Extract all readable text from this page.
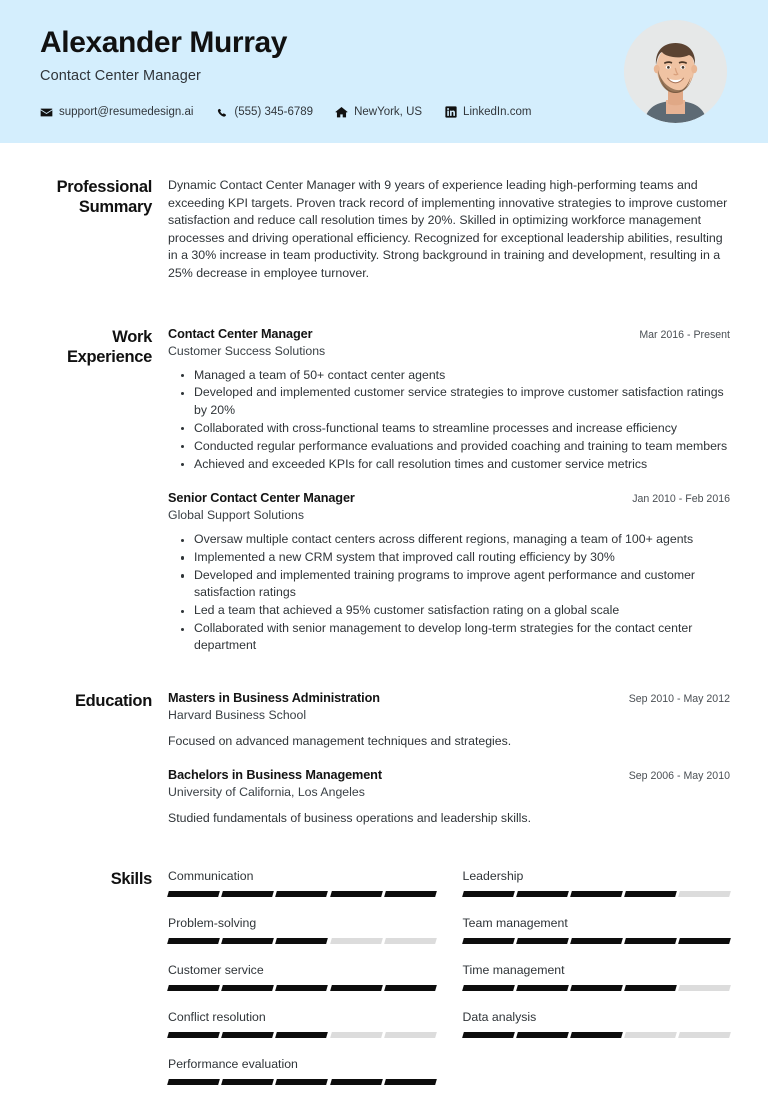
Alexander Murray
Contact Center Manager
support@resumedesign.ai	(555) 345-6789	NewYork, US	LinkedIn.com
Professional Summary
Dynamic Contact Center Manager with 9 years of experience leading high-performing teams and exceeding KPI targets. Proven track record of implementing innovative strategies to improve customer satisfaction and reduce call resolution times by 20%. Skilled in optimizing workforce management processes and driving operational efficiency. Recognized for exceptional leadership abilities, resulting in a 30% increase in team productivity. Strong background in training and development, resulting in a 25% decrease in employee turnover.
Work Experience
Contact Center Manager	Mar 2016 - Present
Customer Success Solutions
Managed a team of 50+ contact center agents
Developed and implemented customer service strategies to improve customer satisfaction ratings by 20%
Collaborated with cross-functional teams to streamline processes and increase efficiency
Conducted regular performance evaluations and provided coaching and training to team members
Achieved and exceeded KPIs for call resolution times and customer service metrics
Senior Contact Center Manager	Jan 2010 - Feb 2016
Global Support Solutions
Oversaw multiple contact centers across different regions, managing a team of 100+ agents
Implemented a new CRM system that improved call routing efficiency by 30%
Developed and implemented training programs to improve agent performance and customer satisfaction ratings
Led a team that achieved a 95% customer satisfaction rating on a global scale
Collaborated with senior management to develop long-term strategies for the contact center department
Education	Masters in Business Administration	Sep 2010 - May 2012
Harvard Business School
Focused on advanced management techniques and strategies.
Bachelors in Business Management	Sep 2006 - May 2010
University of California, Los Angeles
Studied fundamentals of business operations and leadership skills.
Skills	Communication	Leadership
Problem-solving	Team management
Customer service	Time management
Conflict resolution	Data analysis
Performance evaluation
